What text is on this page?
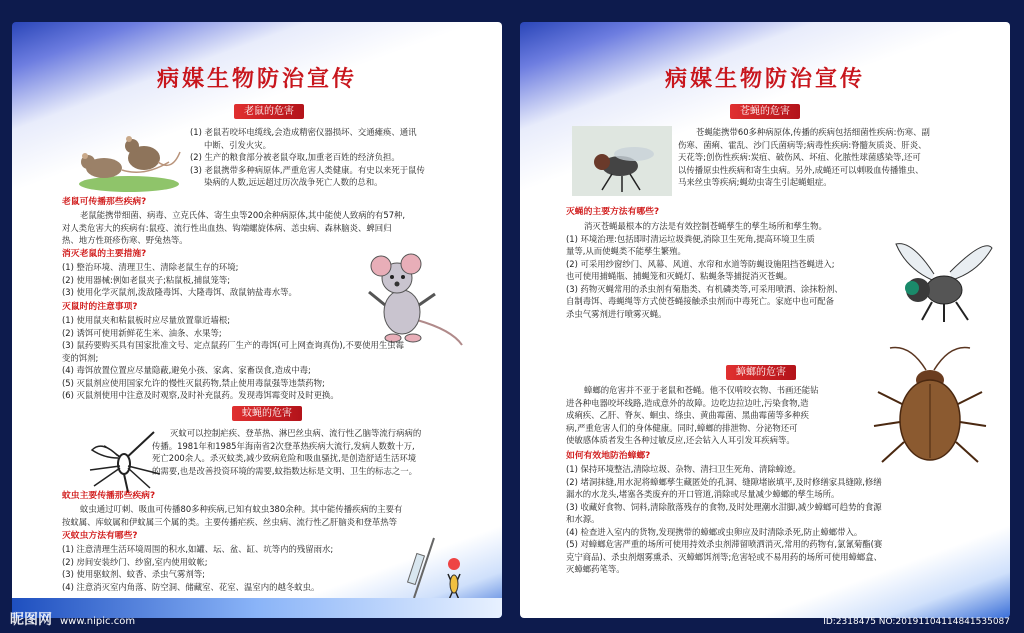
病媒生物防治宣传
老鼠的危害
(1) 老鼠若咬坏电缆线,会造成精密仪器损坏、交通瘫痪、通讯
中断、引发火灾。
(2) 生产的粮食部分被老鼠夺取,加重老百姓的经济负担。
(3) 老鼠携带多种病原体,严重危害人类健康。有史以来死于鼠传
染病的人数,远远超过历次战争死亡人数的总和。
老鼠可传播那些疾病?
老鼠能携带细菌、病毒、立克氏体、寄生虫等200余种病原体,其中能使人致病的有57种,
对人类危害大的疾病有:鼠疫、流行性出血热、钩端螺旋体病、恙虫病、森林脑炎、蜱回归
热、地方性斑疹伤寒、野兔热等。
消灭老鼠的主要措施?
(1) 整治环境、清理卫生、清除老鼠生存的环境;
(2) 使用器械:例如老鼠夹子;粘鼠板,捕鼠笼等;
(3) 使用化学灭鼠剂,泼敌隆毒饵、大隆毒饵、敌鼠钠盐毒水等。
灭鼠时的注意事项?
(1) 使用鼠夹和粘鼠板时应尽量放置靠近墙根;
(2) 诱饵可使用新鲜花生米、油条、水果等;
(3) 鼠药要购买具有国家批准文号、定点鼠药厂生产的毒饵(可上网查询真伪),不要使用生虫霉
变的饵剂;
(4) 毒饵放置位置应尽量隐蔽,避免小孩、家禽、家畜误食,造成中毒;
(5) 灭鼠剂应使用国家允许的慢性灭鼠药物,禁止使用毒鼠强等违禁药物;
(6) 灭鼠剂使用中注意及时观察,及时补充鼠药。发现毒饵霉变时及时更换。
蚊蝇的危害
灭蚊可以控制疟疾、登革热、淋巴丝虫病、流行性乙脑等流行病病的
传播。1981年和1985年海南省2次登革热疾病大流行,发病人数数十万,
死亡200余人。杀灭蚊类,减少致病危险和吸血骚扰,是创造舒适生活环境
的需要,也是改善投资环境的需要,蚊指数达标是文明、卫生的标志之一。
蚊虫主要传播那些疾病?
蚊虫通过叮刺、吸血可传播80多种疾病,已知有蚊虫380余种。其中能传播疾病的主要有
按蚊属、库蚊属和伊蚊属三个属的类。主要传播疟疾、丝虫病、流行性乙肝脑炎和登革热等
灭蚊虫方法有哪些?
(1) 注意清理生活环境周围的积水,如罐、坛、盆、缸、坑等内的残留雨水;
(2) 房间安装纱门、纱窗,室内使用蚊帐;
(3) 使用驱蚊剂、蚊香、杀虫气雾剂等;
(4) 注意消灭室内角落、防空洞、储藏室、花室、温室内的越冬蚊虫。
病媒生物防治宣传
苍蝇的危害
苍蝇能携带60多种病原体,传播的疾病包括细菌性疾病:伤寒、副
伤寒、菌痢、霍乱、沙门氏菌病等;病毒性疾病:脊髓灰质炎、肝炎、
天花等;创伤性疾病:炭疽、破伤风、坏疽、化脓性球菌感染等,还可
以传播原虫性疾病和寄生虫病。另外,成蝇还可以刺吸血传播锥虫、
马来丝虫等疾病;蝇幼虫寄生引起蝇蛆症。
灭蝇的主要方法有哪些?
消灭苍蝇最根本的方法是有效控制苍蝇孳生的孳生场所和孳生物。
(1) 环境治理:包括即时清运垃圾粪便,消除卫生死角,提高环境卫生质
量等,从而使蝇类不能孳生繁殖。
(2) 可采用纱窗纱门、风幕、风道、水帘和水道等防蝇设施阻挡苍蝇进入;
也可使用捕蝇瓶、捕蝇笼和灭蝇灯、粘蝇条等捕捉消灭苍蝇。
(3) 药物灭蝇常用的杀虫剂有菊脂类、有机磷类等,可采用喷洒、涂抹粉剂、
自制毒饵、毒蝇绳等方式使苍蝇接触杀虫剂而中毒死亡。家庭中也可配备
杀虫气雾剂进行喷雾灭蝇。
蟑螂的危害
蟑螂的危害并不亚于老鼠和苍蝇。他不仅啃咬衣物、书画还能钻
进各种电器咬坏线路,造成意外的故障。边吃边拉边吐,污染食物,造
成痢疾、乙肝、脊灰、蛔虫、绦虫、黄曲霉菌、黑曲霉菌等多种疾
病,严重危害人们的身体健康。同时,蟑螂的排泄物、分泌物还可
使敏感体质者发生各种过敏反应,还会钻入人耳引发耳疾病等。
如何有效地防治蟑螂?
(1) 保持环境整洁,清除垃圾、杂物、清扫卫生死角、清除蟑迹。
(2) 堵洞抹缝,用水泥将蟑螂孳生藏匿处的孔洞、缝隙堵嵌填平,及时修缮家具缝隙,修缮
漏水的水龙头,堵塞各类废弃的开口管道,消除或尽量减少蟑螂的孳生场所。
(3) 收藏好食物、饲料,清除散落残存的食物,及时处理潮水泔脚,减少蟑螂可趋势的食源
和水源。
(4) 检查进入室内的货物,发现携带的蟑螂或虫卵应及时清除杀死,防止蟑螂带入。
(5) 对蟑螂危害严重的场所可使用持效杀虫剂滞留喷洒消灭,常用的药物有,氯氰菊酯(赛
克宁商品)、杀虫剂烟雾熏杀、灭蟑螂饵剂等;危害轻或不易用药的场所可使用蟑螂盒、
灭蟑螂药笔等。
昵图网 www.nipic.com	ID:2318475 NO:20191104114841535087
